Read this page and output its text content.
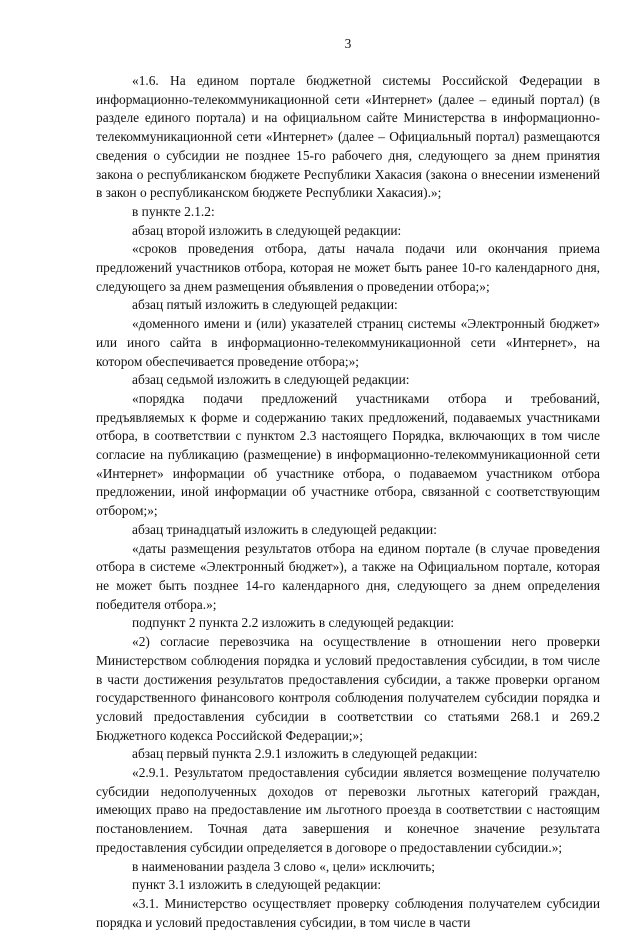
3

«1.6. На едином портале бюджетной системы Российской Федерации в информационно-телекоммуникационной сети «Интернет» (далее – единый портал) (в разделе единого портала) и на официальном сайте Министерства в информационно-телекоммуникационной сети «Интернет» (далее – Официальный портал) размещаются сведения о субсидии не позднее 15-го рабочего дня, следующего за днем принятия закона о республиканском бюджете Республики Хакасия (закона о внесении изменений в закон о республиканском бюджете Республики Хакасия).»;

в пункте 2.1.2:

абзац второй изложить в следующей редакции:

«сроков проведения отбора, даты начала подачи или окончания приема предложений участников отбора, которая не может быть ранее 10-го календарного дня, следующего за днем размещения объявления о проведении отбора;»;

абзац пятый изложить в следующей редакции:

«доменного имени и (или) указателей страниц системы «Электронный бюджет» или иного сайта в информационно-телекоммуникационной сети «Интернет», на котором обеспечивается проведение отбора;»;

абзац седьмой изложить в следующей редакции:

«порядка подачи предложений участниками отбора и требований, предъявляемых к форме и содержанию таких предложений, подаваемых участниками отбора, в соответствии с пунктом 2.3 настоящего Порядка, включающих в том числе согласие на публикацию (размещение) в информационно-телекоммуникационной сети «Интернет» информации об участнике отбора, о подаваемом участником отбора предложении, иной информации об участнике отбора, связанной с соответствующим отбором;»;

абзац тринадцатый изложить в следующей редакции:

«даты размещения результатов отбора на едином портале (в случае проведения отбора в системе «Электронный бюджет»), а также на Официальном портале, которая не может быть позднее 14-го календарного дня, следующего за днем определения победителя отбора.»;

подпункт 2 пункта 2.2 изложить в следующей редакции:

«2) согласие перевозчика на осуществление в отношении него проверки Министерством соблюдения порядка и условий предоставления субсидии, в том числе в части достижения результатов предоставления субсидии, а также проверки органом государственного финансового контроля соблюдения получателем субсидии порядка и условий предоставления субсидии в соответствии со статьями 268.1 и 269.2 Бюджетного кодекса Российской Федерации;»;

абзац первый пункта 2.9.1 изложить в следующей редакции:

«2.9.1. Результатом предоставления субсидии является возмещение получателю субсидии недополученных доходов от перевозки льготных категорий граждан, имеющих право на предоставление им льготного проезда в соответствии с настоящим постановлением. Точная дата завершения и конечное значение результата предоставления субсидии определяется в договоре о предоставлении субсидии.»;

в наименовании раздела 3 слово «, цели» исключить;

пункт 3.1 изложить в следующей редакции:

«3.1. Министерство осуществляет проверку соблюдения получателем субсидии порядка и условий предоставления субсидии, в том числе в части
